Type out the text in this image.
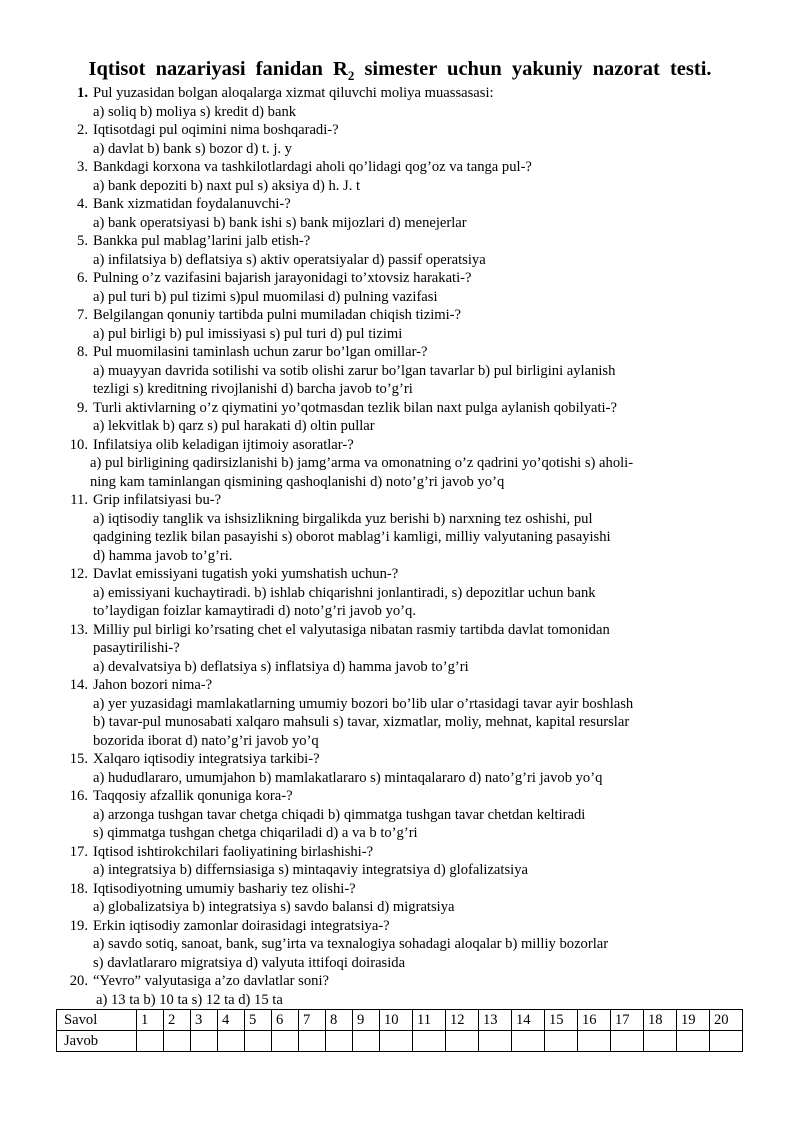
Iqtisot nazariyasi fanidan $R_2$ simester uchun yakuniy nazorat testi.
1. Pul yuzasidan bolgan aloqalarga xizmat qiluvchi moliya muassasasi:
a) soliq b) moliya s) kredit d) bank
2. Iqtisotdagi pul oqimini nima boshqaradi-?
a) davlat b) bank s) bozor d) t. j. y
3. Bankdagi korxona va tashkilotlardagi aholi qo’lidagi qog’oz va tanga pul-?
a) bank depoziti b) naxt pul s) aksiya d) h. J. t
4. Bank xizmatidan foydalanuvchi-?
a) bank operatsiyasi b) bank ishi s) bank mijozlari d) menejerlar
5. Bankka pul mablag’larini jalb etish-?
a) infilatsiya b) deflatsiya s) aktiv operatsiyalar d) passif operatsiya
6. Pulning o’z vazifasini bajarish jarayonidagi to’xtovsiz harakati-?
a) pul turi b) pul tizimi s)pul muomilasi d) pulning vazifasi
7. Belgilangan qonuniy tartibda pulni mumiladan chiqish tizimi-?
a) pul birligi b) pul imissiyasi s) pul turi d) pul tizimi
8. Pul muomilasini taminlash uchun zarur bo’lgan omillar-?
a) muayyan davrida sotilishi va sotib olishi zarur bo’lgan tavarlar b) pul birligini aylanish
tezligi s) kreditning rivojlanishi d) barcha javob to’g’ri
9. Turli aktivlarning o’z qiymatini yo’qotmasdan tezlik bilan naxt pulga aylanish qobilyati-?
a) lekvitlak b) qarz s) pul harakati d) oltin pullar
10. Infilatsiya olib keladigan ijtimoiy asoratlar-?
a) pul birligining qadirsizlanishi b) jamg’arma va omonatning o’z qadrini yo’qotishi s) aholi-
ning kam taminlangan qismining qashoqlanishi d) noto’g’ri javob yo’q
11. Grip infilatsiyasi bu-?
a) iqtisodiy tanglik va ishsizlikning birgalikda yuz berishi b) narxning tez oshishi, pul
qadgining tezlik bilan pasayishi s) oborot mablag’i kamligi, milliy valyutaning pasayishi
d) hamma javob to’g’ri.
12. Davlat emissiyani tugatish yoki yumshatish uchun-?
a) emissiyani kuchaytiradi. b) ishlab chiqarishni jonlantiradi, s) depozitlar uchun bank
to’laydigan foizlar kamaytiradi d) noto’g’ri javob yo’q.
13. Milliy pul birligi ko’rsating chet el valyutasiga nibatan rasmiy tartibda davlat tomonidan
pasaytirilishi-?
a) devalvatsiya b) deflatsiya s) inflatsiya d) hamma javob to’g’ri
14. Jahon bozori nima-?
a) yer yuzasidagi mamlakatlarning umumiy bozori bo’lib ular o’rtasidagi tavar ayir boshlash
b) tavar-pul munosabati xalqaro mahsuli s) tavar, xizmatlar, moliy, mehnat, kapital resurslar
bozorida iborat d) nato’g’ri javob yo’q
15. Xalqaro iqtisodiy integratsiya tarkibi-?
a) hududlararo, umumjahon b) mamlakatlararo s) mintaqalararo d) nato’g’ri javob yo’q
16. Taqqosiy afzallik qonuniga kora-?
a) arzonga tushgan tavar chetga chiqadi b) qimmatga tushgan tavar chetdan keltiradi
s) qimmatga tushgan chetga chiqariladi d) a va b to’g’ri
17. Iqtisod ishtirokchilari faoliyatining birlashishi-?
a) integratsiya b) differnsiasiga s) mintaqaviy integratsiya d) glofalizatsiya
18. Iqtisodiyotning umumiy bashariy tez olishi-?
a) globalizatsiya b) integratsiya s) savdo balansi d) migratsiya
19. Erkin iqtisodiy zamonlar doirasidagi integratsiya-?
a) savdo sotiq, sanoat, bank, sug’irta va texnalogiya sohadagi aloqalar b) milliy bozorlar
s) davlatlararo migratsiya d) valyuta ittifoqi doirasida
20. “Yevro” valyutasiga a’zo davlatlar soni?
a) 13 ta b) 10 ta s) 12 ta d) 15 ta
Savol	1	2	3	4	5	6	7	8	9	10	11	12	13	14	15	16	17	18	19	20
Javob																				
